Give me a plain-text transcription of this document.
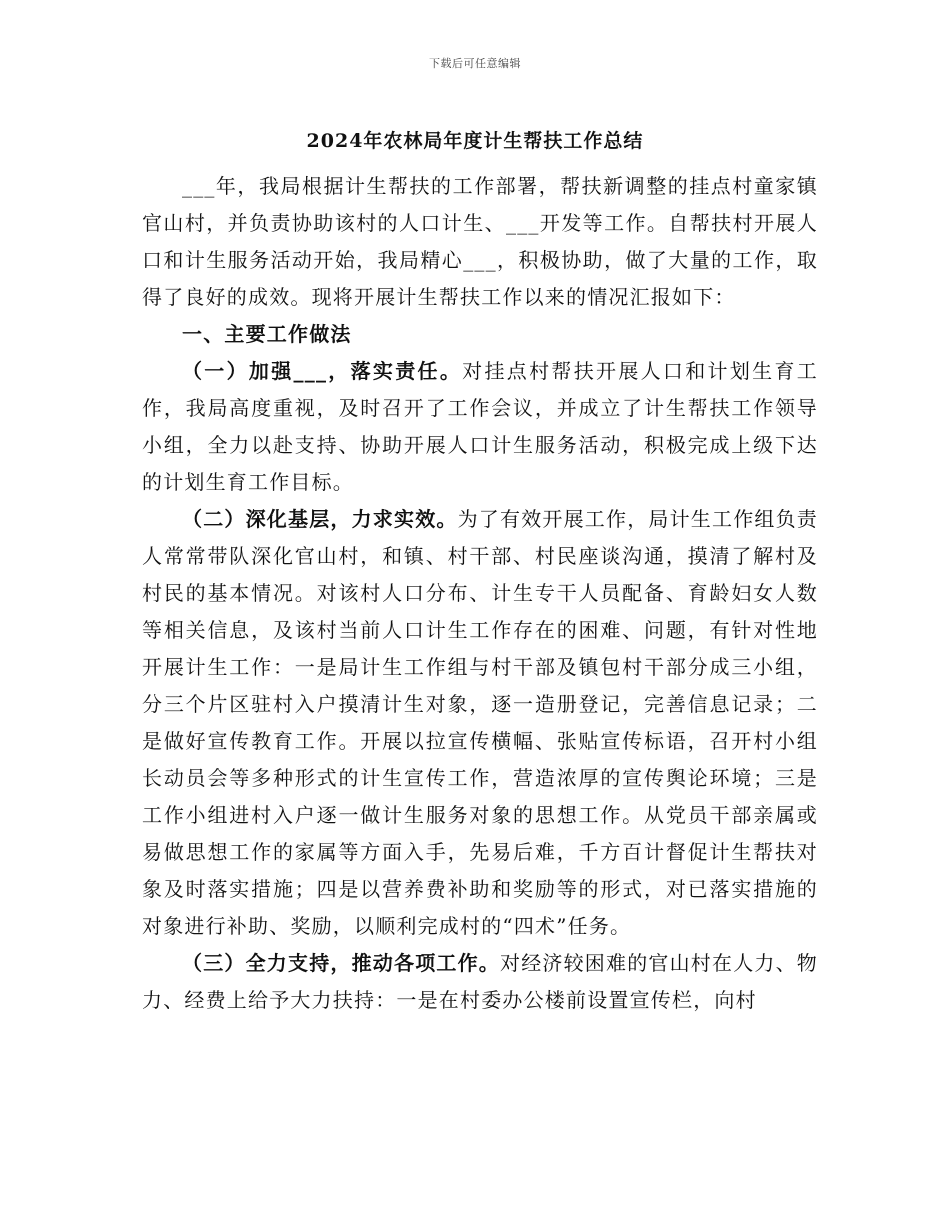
下载后可任意编辑
2024年农林局年度计生帮扶工作总结

___年，我局根据计生帮扶的工作部署，帮扶新调整的挂点村童家镇官山村，并负责协助该村的人口计生、___开发等工作。自帮扶村开展人口和计生服务活动开始，我局精心___，积极协助，做了大量的工作，取得了良好的成效。现将开展计生帮扶工作以来的情况汇报如下：

一、主要工作做法

（一）加强___，落实责任。对挂点村帮扶开展人口和计划生育工作，我局高度重视，及时召开了工作会议，并成立了计生帮扶工作领导小组，全力以赴支持、协助开展人口计生服务活动，积极完成上级下达的计划生育工作目标。

（二）深化基层，力求实效。为了有效开展工作，局计生工作组负责人常常带队深化官山村，和镇、村干部、村民座谈沟通，摸清了解村及村民的基本情况。对该村人口分布、计生专干人员配备、育龄妇女人数等相关信息，及该村当前人口计生工作存在的困难、问题，有针对性地开展计生工作：一是局计生工作组与村干部及镇包村干部分成三小组，分三个片区驻村入户摸清计生对象，逐一造册登记，完善信息记录；二是做好宣传教育工作。开展以拉宣传横幅、张贴宣传标语，召开村小组长动员会等多种形式的计生宣传工作，营造浓厚的宣传舆论环境；三是工作小组进村入户逐一做计生服务对象的思想工作。从党员干部亲属或易做思想工作的家属等方面入手，先易后难，千方百计督促计生帮扶对象及时落实措施；四是以营养费补助和奖励等的形式，对已落实措施的对象进行补助、奖励，以顺利完成村的“四术”任务。

（三）全力支持，推动各项工作。对经济较困难的官山村在人力、物力、经费上给予大力扶持：一是在村委办公楼前设置宣传栏，向村
